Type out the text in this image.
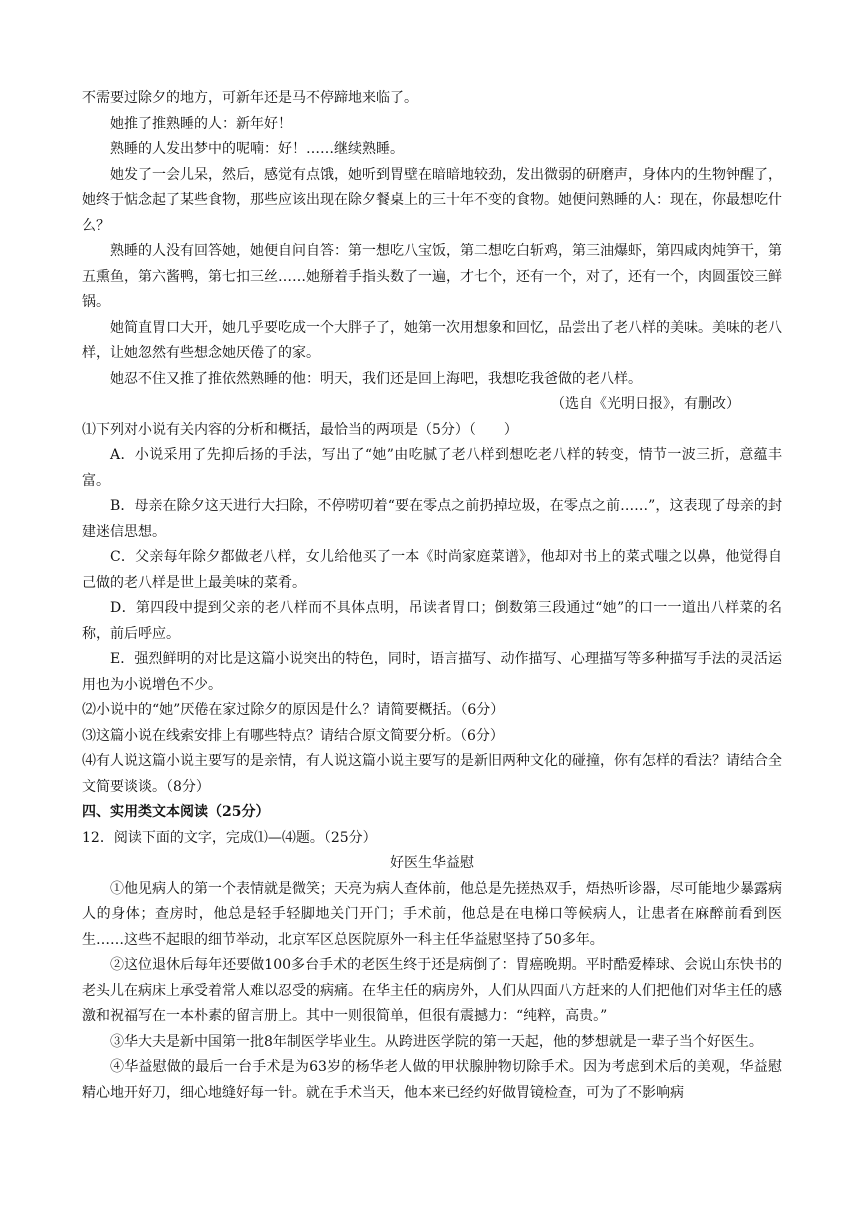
不需要过除夕的地方，可新年还是马不停蹄地来临了。

她推了推熟睡的人：新年好！

熟睡的人发出梦中的呢喃：好！……继续熟睡。

她发了一会儿呆，然后，感觉有点饿，她听到胃壁在暗暗地较劲，发出微弱的研磨声，身体内的生物钟醒了，她终于惦念起了某些食物，那些应该出现在除夕餐桌上的三十年不变的食物。她便问熟睡的人：现在，你最想吃什么？

熟睡的人没有回答她，她便自问自答：第一想吃八宝饭，第二想吃白斩鸡，第三油爆虾，第四咸肉炖笋干，第五熏鱼，第六酱鸭，第七扣三丝……她掰着手指头数了一遍，才七个，还有一个，对了，还有一个，肉圆蛋饺三鲜锅。

她简直胃口大开，她几乎要吃成一个大胖子了，她第一次用想象和回忆，品尝出了老八样的美味。美味的老八样，让她忽然有些想念她厌倦了的家。

她忍不住又推了推依然熟睡的他：明天，我们还是回上海吧，我想吃我爸做的老八样。

（选自《光明日报》，有删改）

⑴下列对小说有关内容的分析和概括，最恰当的两项是（5分）（　　）

A．小说采用了先抑后扬的手法，写出了“她”由吃腻了老八样到想吃老八样的转变，情节一波三折，意蕴丰富。

B．母亲在除夕这天进行大扫除，不停唠叨着“要在零点之前扔掉垃圾，在零点之前……”，这表现了母亲的封建迷信思想。

C．父亲每年除夕都做老八样，女儿给他买了一本《时尚家庭菜谱》，他却对书上的菜式嗤之以鼻，他觉得自己做的老八样是世上最美味的菜肴。

D．第四段中提到父亲的老八样而不具体点明，吊读者胃口；倒数第三段通过“她”的口一一道出八样菜的名称，前后呼应。

E．强烈鲜明的对比是这篇小说突出的特色，同时，语言描写、动作描写、心理描写等多种描写手法的灵活运用也为小说增色不少。

⑵小说中的“她”厌倦在家过除夕的原因是什么？请简要概括。（6分）

⑶这篇小说在线索安排上有哪些特点？请结合原文简要分析。（6分）

⑷有人说这篇小说主要写的是亲情，有人说这篇小说主要写的是新旧两种文化的碰撞，你有怎样的看法？请结合全文简要谈谈。（8分）

四、实用类文本阅读（25分）

12．阅读下面的文字，完成⑴—⑷题。（25分）

好医生华益慰

①他见病人的第一个表情就是微笑；天亮为病人查体前，他总是先搓热双手，焐热听诊器，尽可能地少暴露病人的身体；查房时，他总是轻手轻脚地关门开门；手术前，他总是在电梯口等候病人，让患者在麻醉前看到医生……这些不起眼的细节举动，北京军区总医院原外一科主任华益慰坚持了50多年。

②这位退休后每年还要做100多台手术的老医生终于还是病倒了：胃癌晚期。平时酷爱棒球、会说山东快书的老头儿在病床上承受着常人难以忍受的病痛。在华主任的病房外，人们从四面八方赶来的人们把他们对华主任的感激和祝福写在一本朴素的留言册上。其中一则很简单，但很有震撼力：“纯粹，高贵。”

③华大夫是新中国第一批8年制医学毕业生。从跨进医学院的第一天起，他的梦想就是一辈子当个好医生。

④华益慰做的最后一台手术是为63岁的杨华老人做的甲状腺肿物切除手术。因为考虑到术后的美观，华益慰精心地开好刀，细心地缝好每一针。就在手术当天，他本来已经约好做胃镜检查，可为了不影响病
